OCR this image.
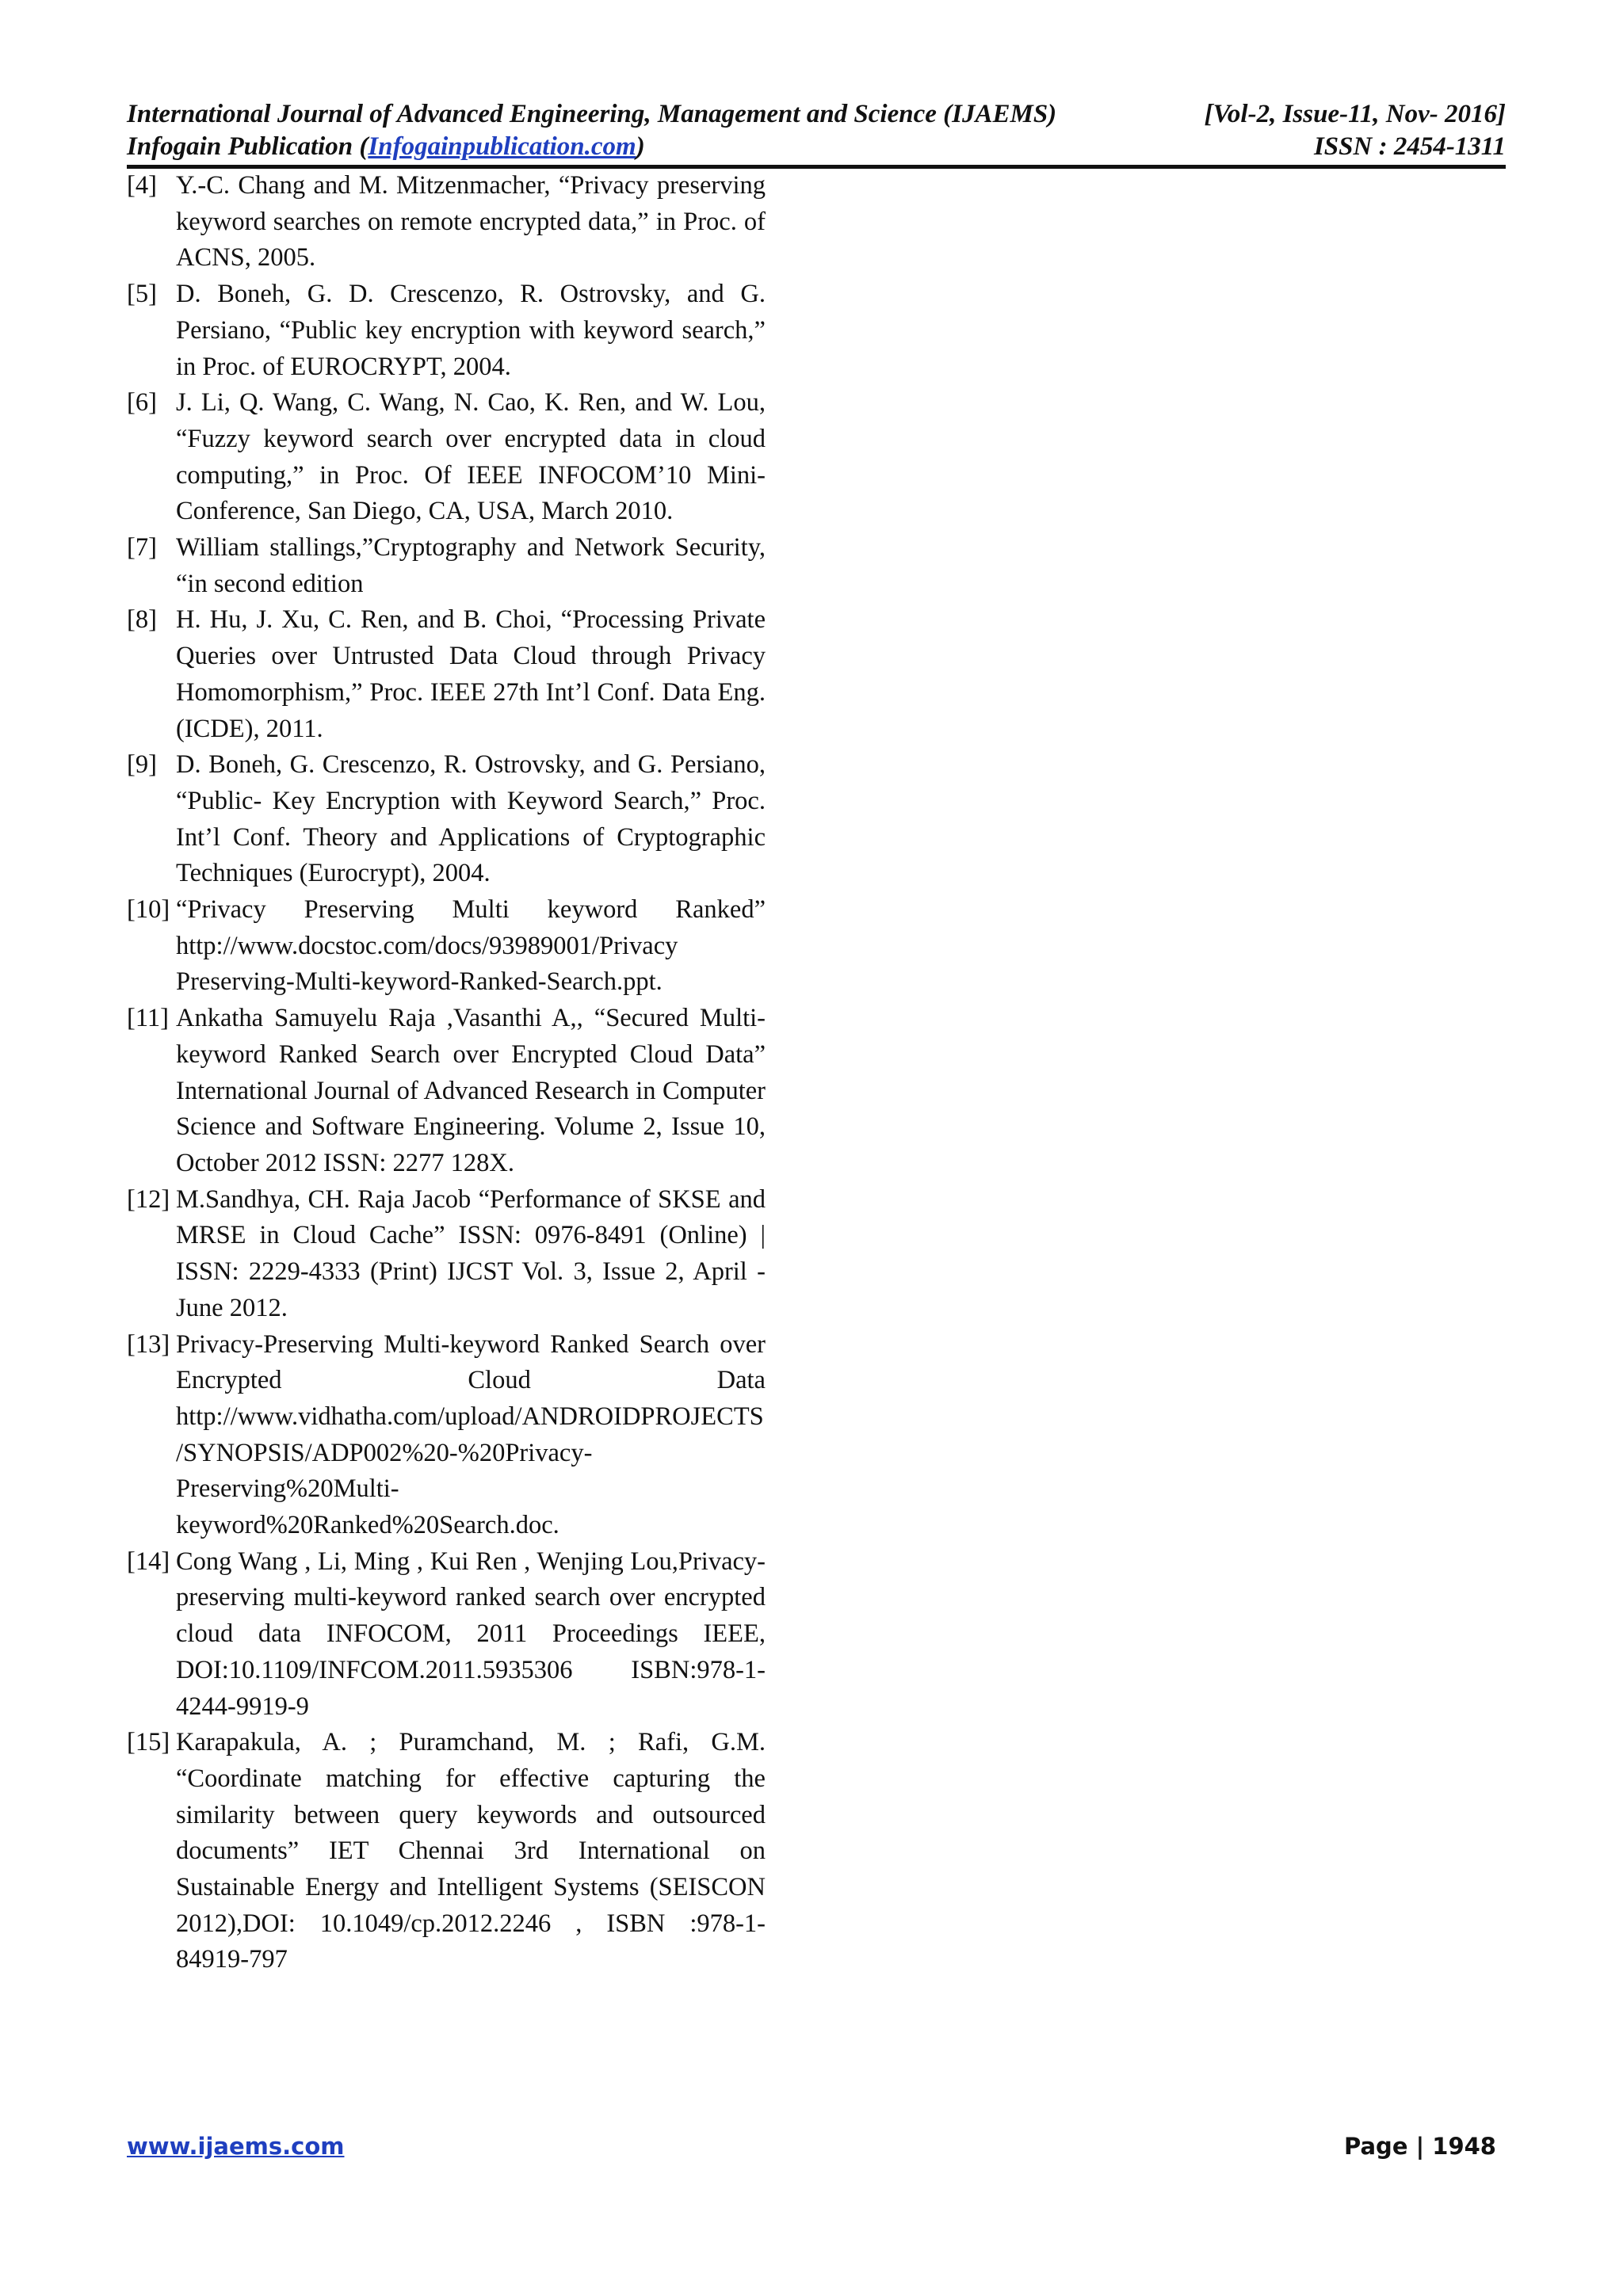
International Journal of Advanced Engineering, Management and Science (IJAEMS)	[Vol-2, Issue-11, Nov- 2016]
Infogain Publication (Infogainpublication.com)	ISSN : 2454-1311
[4] Y.-C. Chang and M. Mitzenmacher, “Privacy preserving keyword searches on remote encrypted data,” in Proc. of ACNS, 2005.
[5] D. Boneh, G. D. Crescenzo, R. Ostrovsky, and G. Persiano, “Public key encryption with keyword search,” in Proc. of EUROCRYPT, 2004.
[6] J. Li, Q. Wang, C. Wang, N. Cao, K. Ren, and W. Lou, “Fuzzy keyword search over encrypted data in cloud computing,” in Proc. Of IEEE INFOCOM’10 Mini-Conference, San Diego, CA, USA, March 2010.
[7] William stallings,”Cryptography and Network Security, “in second edition
[8] H. Hu, J. Xu, C. Ren, and B. Choi, “Processing Private Queries over Untrusted Data Cloud through Privacy Homomorphism,” Proc. IEEE 27th Int’l Conf. Data Eng. (ICDE), 2011.
[9] D. Boneh, G. Crescenzo, R. Ostrovsky, and G. Persiano, “Public- Key Encryption with Keyword Search,” Proc. Int’l Conf. Theory and Applications of Cryptographic Techniques (Eurocrypt), 2004.
[10] “Privacy Preserving Multi keyword Ranked” http://www.docstoc.com/docs/93989001/Privacy Preserving-Multi-keyword-Ranked-Search.ppt.
[11] Ankatha Samuyelu Raja ,Vasanthi A,, “Secured Multi-keyword Ranked Search over Encrypted Cloud Data” International Journal of Advanced Research in Computer Science and Software Engineering. Volume 2, Issue 10, October 2012 ISSN: 2277 128X.
[12] M.Sandhya, CH. Raja Jacob “Performance of SKSE and MRSE in Cloud Cache” ISSN: 0976-8491 (Online) | ISSN: 2229-4333 (Print) IJCST Vol. 3, Issue 2, April - June 2012.
[13] Privacy-Preserving Multi-keyword Ranked Search over Encrypted Cloud Data http://www.vidhatha.com/upload/ANDROIDPROJECTS/SYNOPSIS/ADP002%20-%20Privacy-Preserving%20Multi-keyword%20Ranked%20Search.doc.
[14] Cong Wang , Li, Ming , Kui Ren , Wenjing Lou,Privacy-preserving multi-keyword ranked search over encrypted cloud data INFOCOM, 2011 Proceedings IEEE, DOI:10.1109/INFCOM.2011.5935306 ISBN:978-1-4244-9919-9
[15] Karapakula, A. ; Puramchand, M. ; Rafi, G.M. “Coordinate matching for effective capturing the similarity between query keywords and outsourced documents” IET Chennai 3rd International on Sustainable Energy and Intelligent Systems (SEISCON 2012),DOI: 10.1049/cp.2012.2246 , ISBN :978-1-84919-797
www.ijaems.com	Page | 1948
